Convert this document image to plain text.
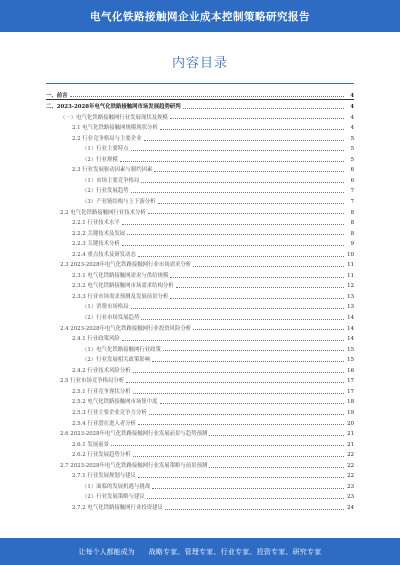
电气化铁路接触网企业成本控制策略研究报告
内容目录
一、前言	4
二、2023-2028年电气化铁路接触网市场发展趋势研判	4
（一）电气化铁路接触网行业发展现状及规模	4
2.1 电气化铁路接触网规模现状分析	4
2.2 行业竞争格局与主要企业	5
（1）行业主要特点	5
（2）行业规模	5
2.3 行业发展驱动因素与制约因素	6
（1）市场主要竞争格局	6
（2）行业发展趋势	7
（3）产业链结构与上下游分析	7
2.2 电气化铁路接触网行业技术分析	8
2.2.1 行业技术水平	8
2.2.2 关键技术及发展	8
2.2.3 关键技术分析	9
2.2.4 重点技术及研发动态	10
2.3 2023-2028年电气化铁路接触网行业市场需求分析	11
2.3.1 电气化铁路接触网需求与供给规模	11
2.3.2 电气化铁路接触网市场需求结构分析	12
2.3.3 行业市场需求预测及发展前景分析	13
（1）消费市场格局	13
（2）行业市场发展趋势	14
2.4 2023-2028年电气化铁路接触网行业投资风险分析	14
2.4.1 行业政策风险	14
（1）电气化铁路接触网行业政策	15
（2）行业发展相关政策影响	15
2.4.2 行业技术风险分析	16
2.5 行业市场竞争格局分析	17
2.5.1 行业竞争现状分析	17
2.5.2 电气化铁路接触网市场集中度	18
2.5.3 行业主要企业竞争力分析	19
2.5.4 行业潜在进入者分析	20
2.6 2023-2028年电气化铁路接触网行业发展前景与趋势预测	21
2.6.1 发展前景	21
2.6.2 行业发展趋势分析	22
2.7 2023-2028年电气化铁路接触网行业发展策略与前景预测	22
2.7.1 行业发展规划与建议	22
（1）面临的发展机遇与挑战	23
（2）行业发展策略与建议	23
2.7.2 电气化铁路接触网行业投资建议	24
让每个人都能成为 战略专家、管理专家、行业专家、投资专家、研究专家
